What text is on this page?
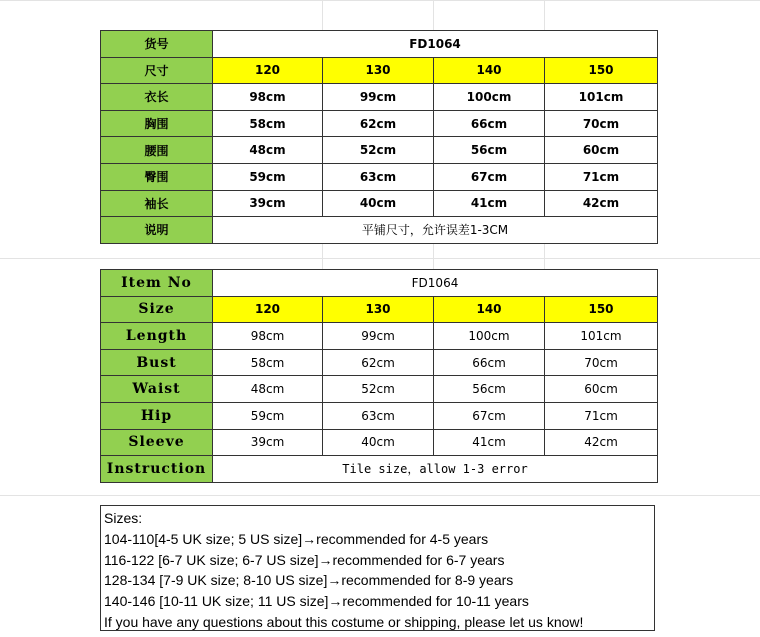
货号	FD1064			
尺寸	120	130	140	150
衣长	98cm	99cm	100cm	101cm
胸围	58cm	62cm	66cm	70cm
腰围	48cm	52cm	56cm	60cm
臀围	59cm	63cm	67cm	71cm
袖长	39cm	40cm	41cm	42cm
说明	平铺尺寸，允许误差1-3CM			
Item No	FD1064			
Size	120	130	140	150
Length	98cm	99cm	100cm	101cm
Bust	58cm	62cm	66cm	70cm
Waist	48cm	52cm	56cm	60cm
Hip	59cm	63cm	67cm	71cm
Sleeve	39cm	40cm	41cm	42cm
Instruction	Tile size，allow 1-3 error			
Sizes:
104-110[4-5 UK size; 5 US size]→recommended for 4-5 years
116-122 [6-7 UK size; 6-7 US size]→recommended for 6-7 years
128-134 [7-9 UK size; 8-10 US size]→recommended for 8-9 years
140-146 [10-11 UK size; 11 US size]→recommended for 10-11 years
If you have any questions about this costume or shipping, please let us know!
